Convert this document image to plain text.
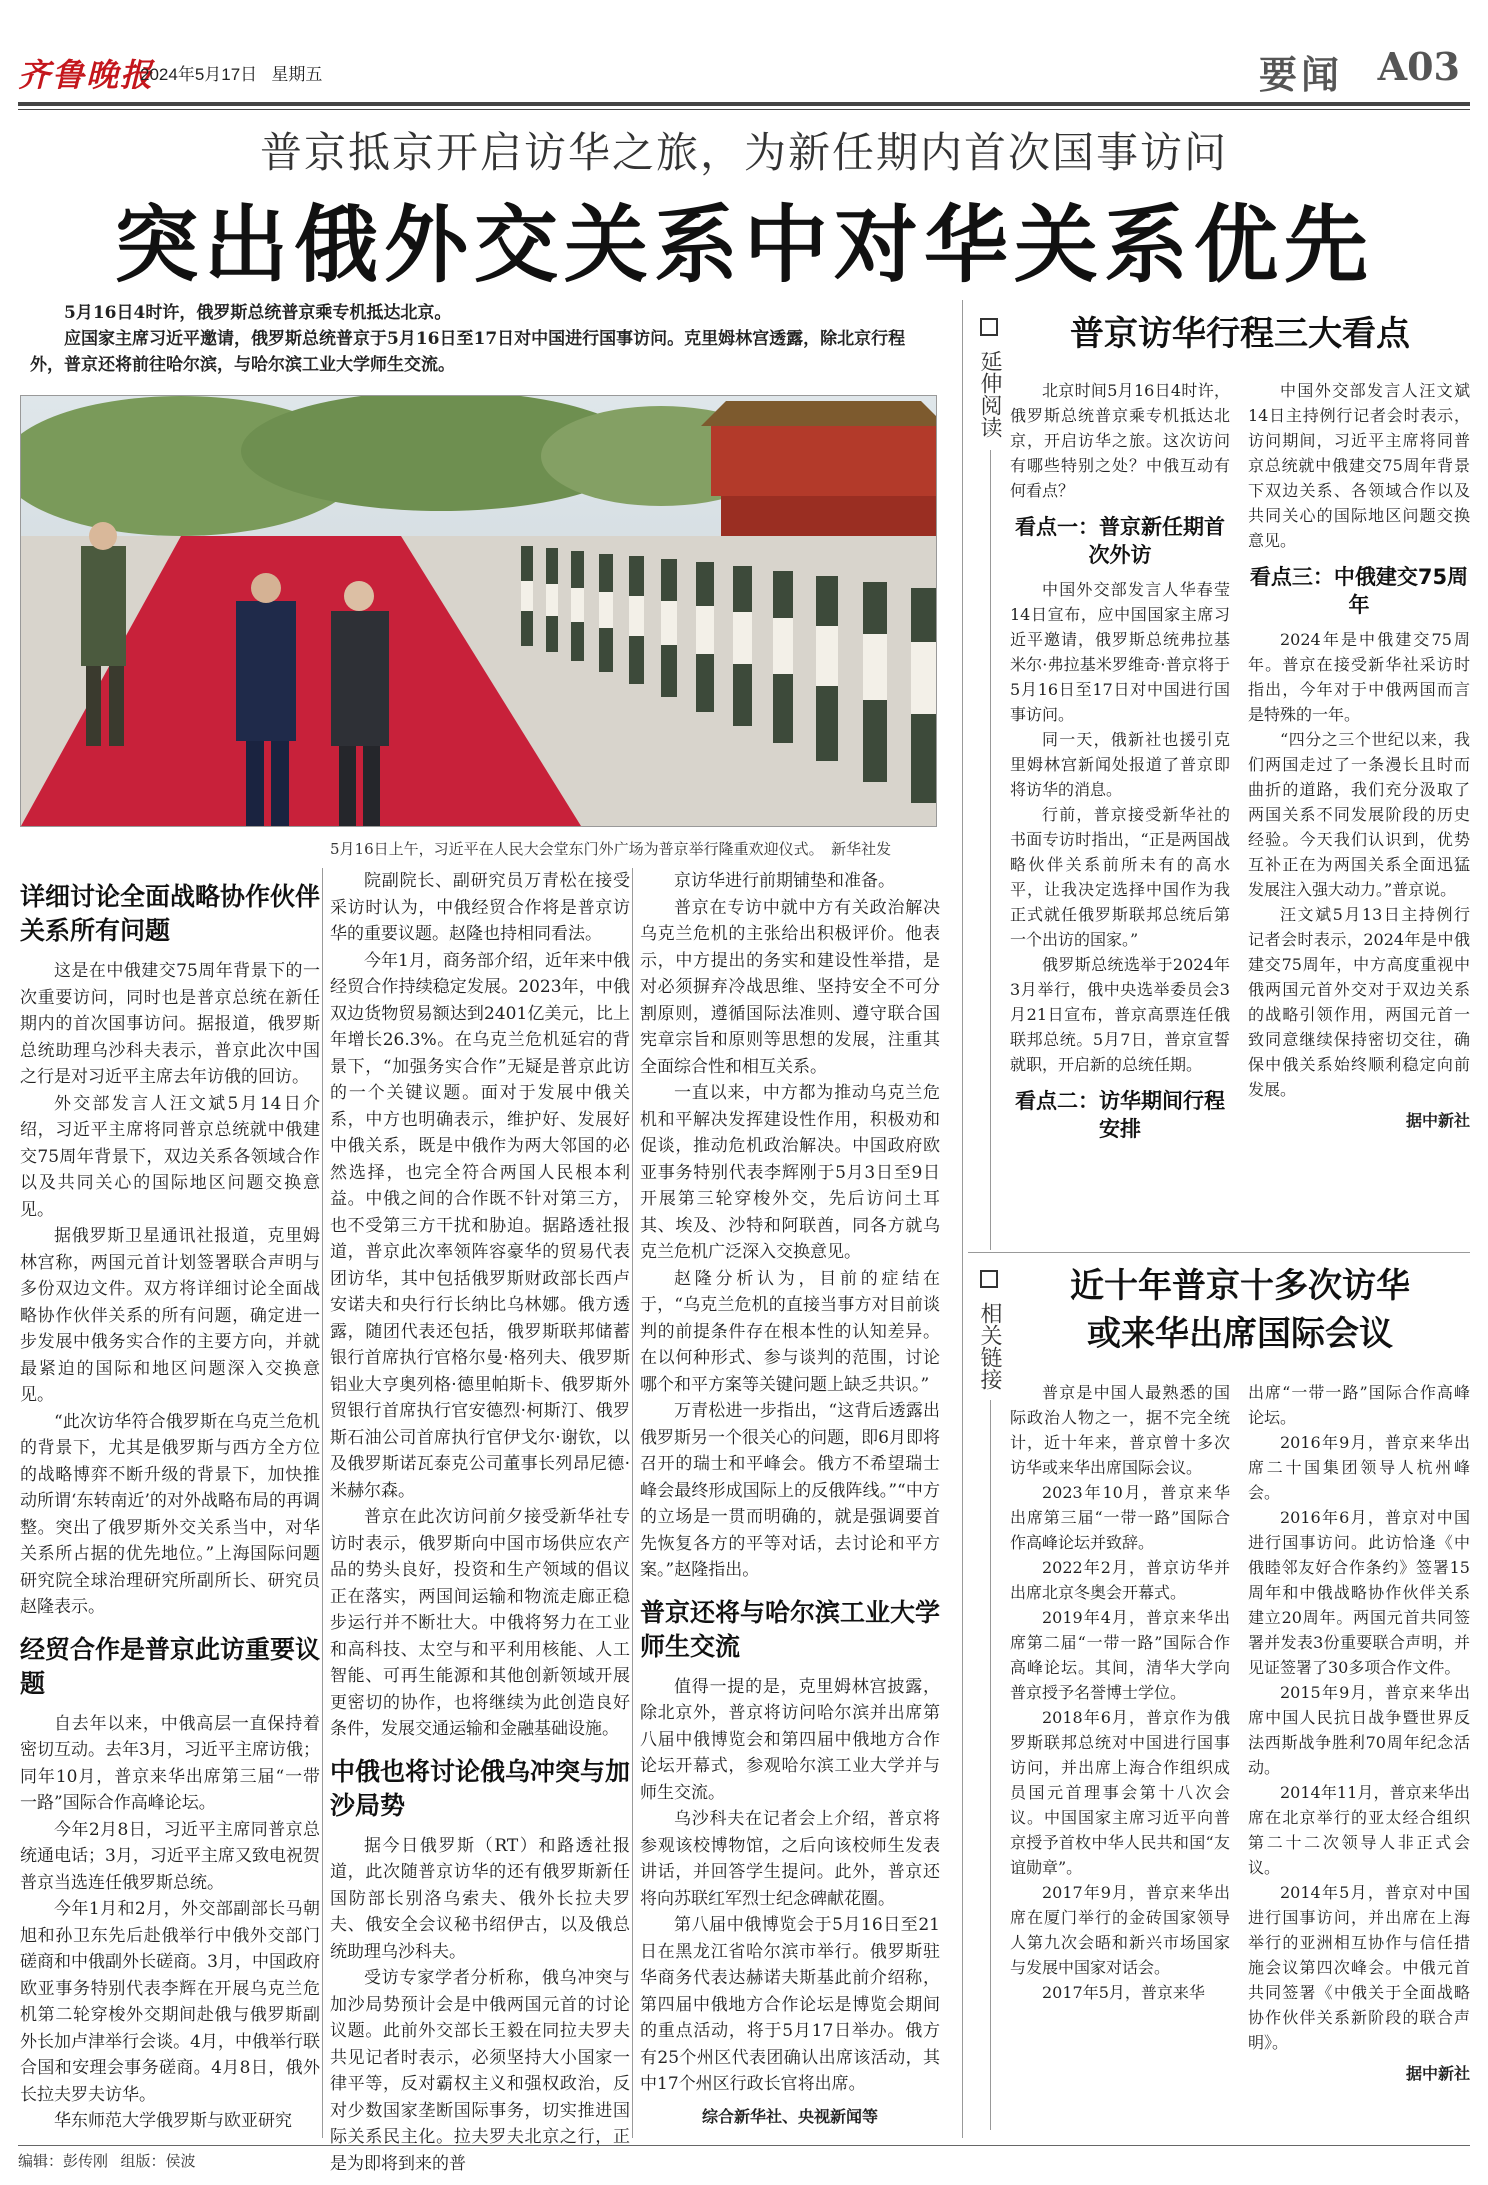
齐鲁晚报
2024年5月17日 星期五	要闻 A03
普京抵京开启访华之旅，为新任期内首次国事访问
突出俄外交关系中对华关系优先

5月16日4时许，俄罗斯总统普京乘专机抵达北京。

应国家主席习近平邀请，俄罗斯总统普京于5月16日至17日对中国进行国事访问。克里姆林宫透露，除北京行程外，普京还将前往哈尔滨，与哈尔滨工业大学师生交流。

5月16日上午，习近平在人民大会堂东门外广场为普京举行隆重欢迎仪式。　新华社发
详细讨论全面战略协作伙伴关系所有问题

这是在中俄建交75周年背景下的一次重要访问，同时也是普京总统在新任期内的首次国事访问。据报道，俄罗斯总统助理乌沙科夫表示，普京此次中国之行是对习近平主席去年访俄的回访。

外交部发言人汪文斌5月14日介绍，习近平主席将同普京总统就中俄建交75周年背景下，双边关系各领域合作以及共同关心的国际地区问题交换意见。

据俄罗斯卫星通讯社报道，克里姆林宫称，两国元首计划签署联合声明与多份双边文件。双方将详细讨论全面战略协作伙伴关系的所有问题，确定进一步发展中俄务实合作的主要方向，并就最紧迫的国际和地区问题深入交换意见。

“此次访华符合俄罗斯在乌克兰危机的背景下，尤其是俄罗斯与西方全方位的战略博弈不断升级的背景下，加快推动所谓‘东转南近’的对外战略布局的再调整。突出了俄罗斯外交关系当中，对华关系所占据的优先地位。”上海国际问题研究院全球治理研究所副所长、研究员赵隆表示。

经贸合作是普京此访重要议题

自去年以来，中俄高层一直保持着密切互动。去年3月，习近平主席访俄；同年10月，普京来华出席第三届“一带一路”国际合作高峰论坛。

今年2月8日，习近平主席同普京总统通电话；3月，习近平主席又致电祝贺普京当选连任俄罗斯总统。

今年1月和2月，外交部副部长马朝旭和孙卫东先后赴俄举行中俄外交部门磋商和中俄副外长磋商。3月，中国政府欧亚事务特别代表李辉在开展乌克兰危机第二轮穿梭外交期间赴俄与俄罗斯副外长加卢津举行会谈。4月，中俄举行联合国和安理会事务磋商。4月8日，俄外长拉夫罗夫访华。

华东师范大学俄罗斯与欧亚研究

院副院长、副研究员万青松在接受采访时认为，中俄经贸合作将是普京访华的重要议题。赵隆也持相同看法。

今年1月，商务部介绍，近年来中俄经贸合作持续稳定发展。2023年，中俄双边货物贸易额达到2401亿美元，比上年增长26.3%。在乌克兰危机延宕的背景下，“加强务实合作”无疑是普京此访的一个关键议题。面对于发展中俄关系，中方也明确表示，维护好、发展好中俄关系，既是中俄作为两大邻国的必然选择，也完全符合两国人民根本利益。中俄之间的合作既不针对第三方，也不受第三方干扰和胁迫。据路透社报道，普京此次率领阵容豪华的贸易代表团访华，其中包括俄罗斯财政部长西卢安诺夫和央行行长纳比乌林娜。俄方透露，随团代表还包括，俄罗斯联邦储蓄银行首席执行官格尔曼·格列夫、俄罗斯铝业大亨奥列格·德里帕斯卡、俄罗斯外贸银行首席执行官安德烈·柯斯汀、俄罗斯石油公司首席执行官伊戈尔·谢钦，以及俄罗斯诺瓦泰克公司董事长列昂尼德·米赫尔森。

普京在此次访问前夕接受新华社专访时表示，俄罗斯向中国市场供应农产品的势头良好，投资和生产领域的倡议正在落实，两国间运输和物流走廊正稳步运行并不断壮大。中俄将努力在工业和高科技、太空与和平利用核能、人工智能、可再生能源和其他创新领域开展更密切的协作，也将继续为此创造良好条件，发展交通运输和金融基础设施。

中俄也将讨论俄乌冲突与加沙局势

据今日俄罗斯（RT）和路透社报道，此次随普京访华的还有俄罗斯新任国防部长别洛乌索夫、俄外长拉夫罗夫、俄安全会议秘书绍伊古，以及俄总统助理乌沙科夫。

受访专家学者分析称，俄乌冲突与加沙局势预计会是中俄两国元首的讨论议题。此前外交部长王毅在同拉夫罗夫共见记者时表示，必须坚持大小国家一律平等，反对霸权主义和强权政治，反对少数国家垄断国际事务，切实推进国际关系民主化。拉夫罗夫北京之行，正是为即将到来的普

京访华进行前期铺垫和准备。

普京在专访中就中方有关政治解决乌克兰危机的主张给出积极评价。他表示，中方提出的务实和建设性举措，是对必须摒弃冷战思维、坚持安全不可分割原则，遵循国际法准则、遵守联合国宪章宗旨和原则等思想的发展，注重其全面综合性和相互关系。

一直以来，中方都为推动乌克兰危机和平解决发挥建设性作用，积极劝和促谈，推动危机政治解决。中国政府欧亚事务特别代表李辉刚于5月3日至9日开展第三轮穿梭外交，先后访问土耳其、埃及、沙特和阿联酋，同各方就乌克兰危机广泛深入交换意见。

赵隆分析认为，目前的症结在于，“乌克兰危机的直接当事方对目前谈判的前提条件存在根本性的认知差异。在以何种形式、参与谈判的范围，讨论哪个和平方案等关键问题上缺乏共识。”

万青松进一步指出，“这背后透露出俄罗斯另一个很关心的问题，即6月即将召开的瑞士和平峰会。俄方不希望瑞士峰会最终形成国际上的反俄阵线。”“中方的立场是一贯而明确的，就是强调要首先恢复各方的平等对话，去讨论和平方案。”赵隆指出。

普京还将与哈尔滨工业大学师生交流

值得一提的是，克里姆林宫披露，除北京外，普京将访问哈尔滨并出席第八届中俄博览会和第四届中俄地方合作论坛开幕式，参观哈尔滨工业大学并与师生交流。

乌沙科夫在记者会上介绍，普京将参观该校博物馆，之后向该校师生发表讲话，并回答学生提问。此外，普京还将向苏联红军烈士纪念碑献花圈。

第八届中俄博览会于5月16日至21日在黑龙江省哈尔滨市举行。俄罗斯驻华商务代表达赫诺夫斯基此前介绍称，第四届中俄地方合作论坛是博览会期间的重点活动，将于5月17日举办。俄方有25个州区代表团确认出席该活动，其中17个州区行政长官将出席。

综合新华社、央视新闻等
延伸阅读
普京访华行程三大看点

北京时间5月16日4时许，俄罗斯总统普京乘专机抵达北京，开启访华之旅。这次访问有哪些特别之处？中俄互动有何看点？

看点一：普京新任期首次外访

中国外交部发言人华春莹14日宣布，应中国国家主席习近平邀请，俄罗斯总统弗拉基米尔·弗拉基米罗维奇·普京将于5月16日至17日对中国进行国事访问。

同一天，俄新社也援引克里姆林宫新闻处报道了普京即将访华的消息。

行前，普京接受新华社的书面专访时指出，“正是两国战略伙伴关系前所未有的高水平，让我决定选择中国作为我正式就任俄罗斯联邦总统后第一个出访的国家。”

俄罗斯总统选举于2024年3月举行，俄中央选举委员会3月21日宣布，普京高票连任俄联邦总统。5月7日，普京宣誓就职，开启新的总统任期。

看点二：访华期间行程安排

中国外交部发言人汪文斌14日主持例行记者会时表示，访问期间，习近平主席将同普京总统就中俄建交75周年背景下双边关系、各领域合作以及共同关心的国际地区问题交换意见。

看点三：中俄建交75周年

2024年是中俄建交75周年。普京在接受新华社采访时指出，今年对于中俄两国而言是特殊的一年。

“四分之三个世纪以来，我们两国走过了一条漫长且时而曲折的道路，我们充分汲取了两国关系不同发展阶段的历史经验。今天我们认识到，优势互补正在为两国关系全面迅猛发展注入强大动力。”普京说。

汪文斌5月13日主持例行记者会时表示，2024年是中俄建交75周年，中方高度重视中俄两国元首外交对于双边关系的战略引领作用，两国元首一致同意继续保持密切交往，确保中俄关系始终顺利稳定向前发展。

据中新社
相关链接
近十年普京十多次访华
或来华出席国际会议

普京是中国人最熟悉的国际政治人物之一，据不完全统计，近十年来，普京曾十多次访华或来华出席国际会议。

2023年10月，普京来华出席第三届“一带一路”国际合作高峰论坛并致辞。

2022年2月，普京访华并出席北京冬奥会开幕式。

2019年4月，普京来华出席第二届“一带一路”国际合作高峰论坛。其间，清华大学向普京授予名誉博士学位。

2018年6月，普京作为俄罗斯联邦总统对中国进行国事访问，并出席上海合作组织成员国元首理事会第十八次会议。中国国家主席习近平向普京授予首枚中华人民共和国“友谊勋章”。

2017年9月，普京来华出席在厦门举行的金砖国家领导人第九次会晤和新兴市场国家与发展中国家对话会。

2017年5月，普京来华

出席“一带一路”国际合作高峰论坛。

2016年9月，普京来华出席二十国集团领导人杭州峰会。

2016年6月，普京对中国进行国事访问。此访恰逢《中俄睦邻友好合作条约》签署15周年和中俄战略协作伙伴关系建立20周年。两国元首共同签署并发表3份重要联合声明，并见证签署了30多项合作文件。

2015年9月，普京来华出席中国人民抗日战争暨世界反法西斯战争胜利70周年纪念活动。

2014年11月，普京来华出席在北京举行的亚太经合组织第二十二次领导人非正式会议。

2014年5月，普京对中国进行国事访问，并出席在上海举行的亚洲相互协作与信任措施会议第四次峰会。中俄元首共同签署《中俄关于全面战略协作伙伴关系新阶段的联合声明》。

据中新社
编辑：彭传刚 组版：侯波
